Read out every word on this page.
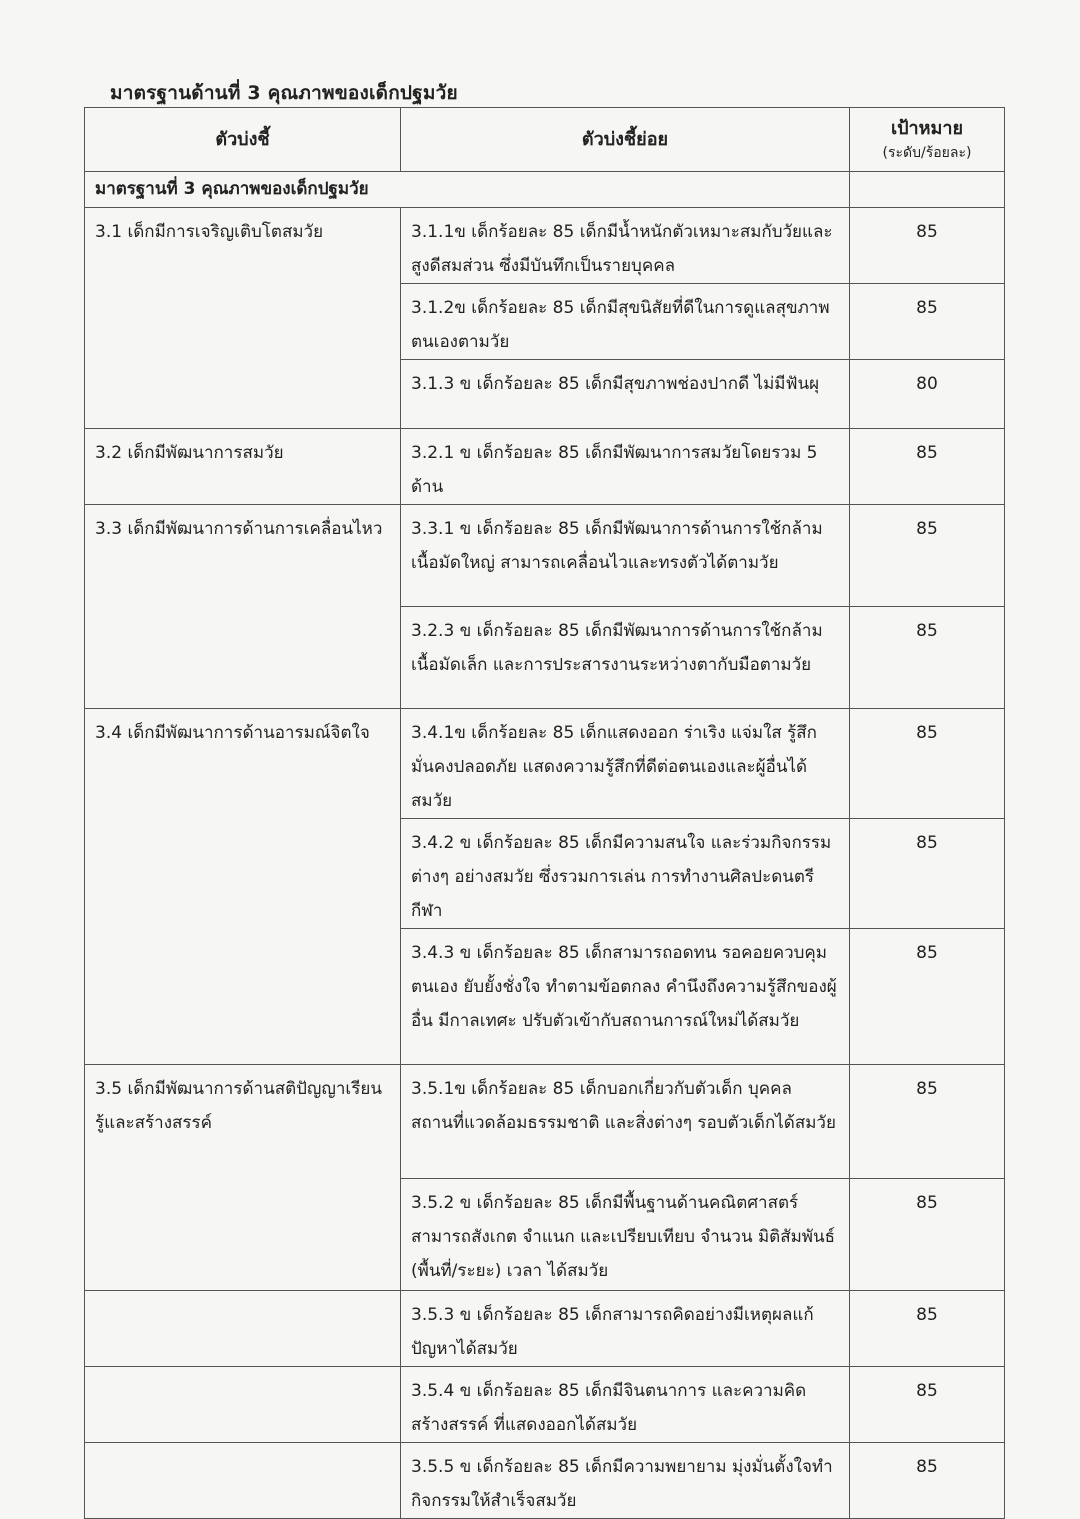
มาตรฐานด้านที่ 3 คุณภาพของเด็กปฐมวัย
ตัวบ่งชี้	ตัวบ่งชี้ย่อย	เป้าหมาย
(ระดับ/ร้อยละ)

มาตรฐานที่ 3 คุณภาพของเด็กปฐมวัย		
3.1 เด็กมีการเจริญเติบโตสมวัย	3.1.1ข เด็กร้อยละ 85 เด็กมีน้ำหนักตัวเหมาะสมกับวัยและสูงดีสมส่วน ซึ่งมีบันทึกเป็นรายบุคคล	85
	3.1.2ข เด็กร้อยละ 85 เด็กมีสุขนิสัยที่ดีในการดูแลสุขภาพตนเองตามวัย	85
	3.1.3 ข เด็กร้อยละ 85 เด็กมีสุขภาพช่องปากดี ไม่มีฟันผุ	80
3.2 เด็กมีพัฒนาการสมวัย	3.2.1 ข เด็กร้อยละ 85 เด็กมีพัฒนาการสมวัยโดยรวม 5 ด้าน	85
3.3 เด็กมีพัฒนาการด้านการเคลื่อนไหว	3.3.1 ข เด็กร้อยละ 85 เด็กมีพัฒนาการด้านการใช้กล้ามเนื้อมัดใหญ่ สามารถเคลื่อนไวและทรงตัวได้ตามวัย	85
	3.2.3 ข เด็กร้อยละ 85 เด็กมีพัฒนาการด้านการใช้กล้ามเนื้อมัดเล็ก และการประสารงานระหว่างตากับมือตามวัย	85
3.4 เด็กมีพัฒนาการด้านอารมณ์จิตใจ	3.4.1ข เด็กร้อยละ 85 เด็กแสดงออก ร่าเริง แจ่มใส รู้สึกมั่นคงปลอดภัย แสดงความรู้สึกที่ดีต่อตนเองและผู้อื่นได้สมวัย	85
	3.4.2 ข เด็กร้อยละ 85 เด็กมีความสนใจ และร่วมกิจกรรมต่างๆ อย่างสมวัย ซึ่งรวมการเล่น การทำงานศิลปะดนตรี กีฬา	85
	3.4.3 ข เด็กร้อยละ 85 เด็กสามารถอดทน รอคอยควบคุมตนเอง ยับยั้งชั่งใจ ทำตามข้อตกลง คำนึงถึงความรู้สึกของผู้อื่น มีกาลเทศะ ปรับตัวเข้ากับสถานการณ์ใหม่ได้สมวัย	85
3.5 เด็กมีพัฒนาการด้านสติปัญญาเรียนรู้และสร้างสรรค์	3.5.1ข เด็กร้อยละ 85 เด็กบอกเกี่ยวกับตัวเด็ก บุคคล สถานที่แวดล้อมธรรมชาติ และสิ่งต่างๆ รอบตัวเด็กได้สมวัย	85
	3.5.2 ข เด็กร้อยละ 85 เด็กมีพื้นฐานด้านคณิตศาสตร์สามารถสังเกต จำแนก และเปรียบเทียบ จำนวน มิติสัมพันธ์ (พื้นที่/ระยะ) เวลา ได้สมวัย	85
	3.5.3 ข เด็กร้อยละ 85 เด็กสามารถคิดอย่างมีเหตุผลแก้ปัญหาได้สมวัย	85
	3.5.4 ข เด็กร้อยละ 85 เด็กมีจินตนาการ และความคิดสร้างสรรค์ ที่แสดงออกได้สมวัย	85
	3.5.5 ข เด็กร้อยละ 85 เด็กมีความพยายาม มุ่งมั่นตั้งใจทำกิจกรรมให้สำเร็จสมวัย	85
